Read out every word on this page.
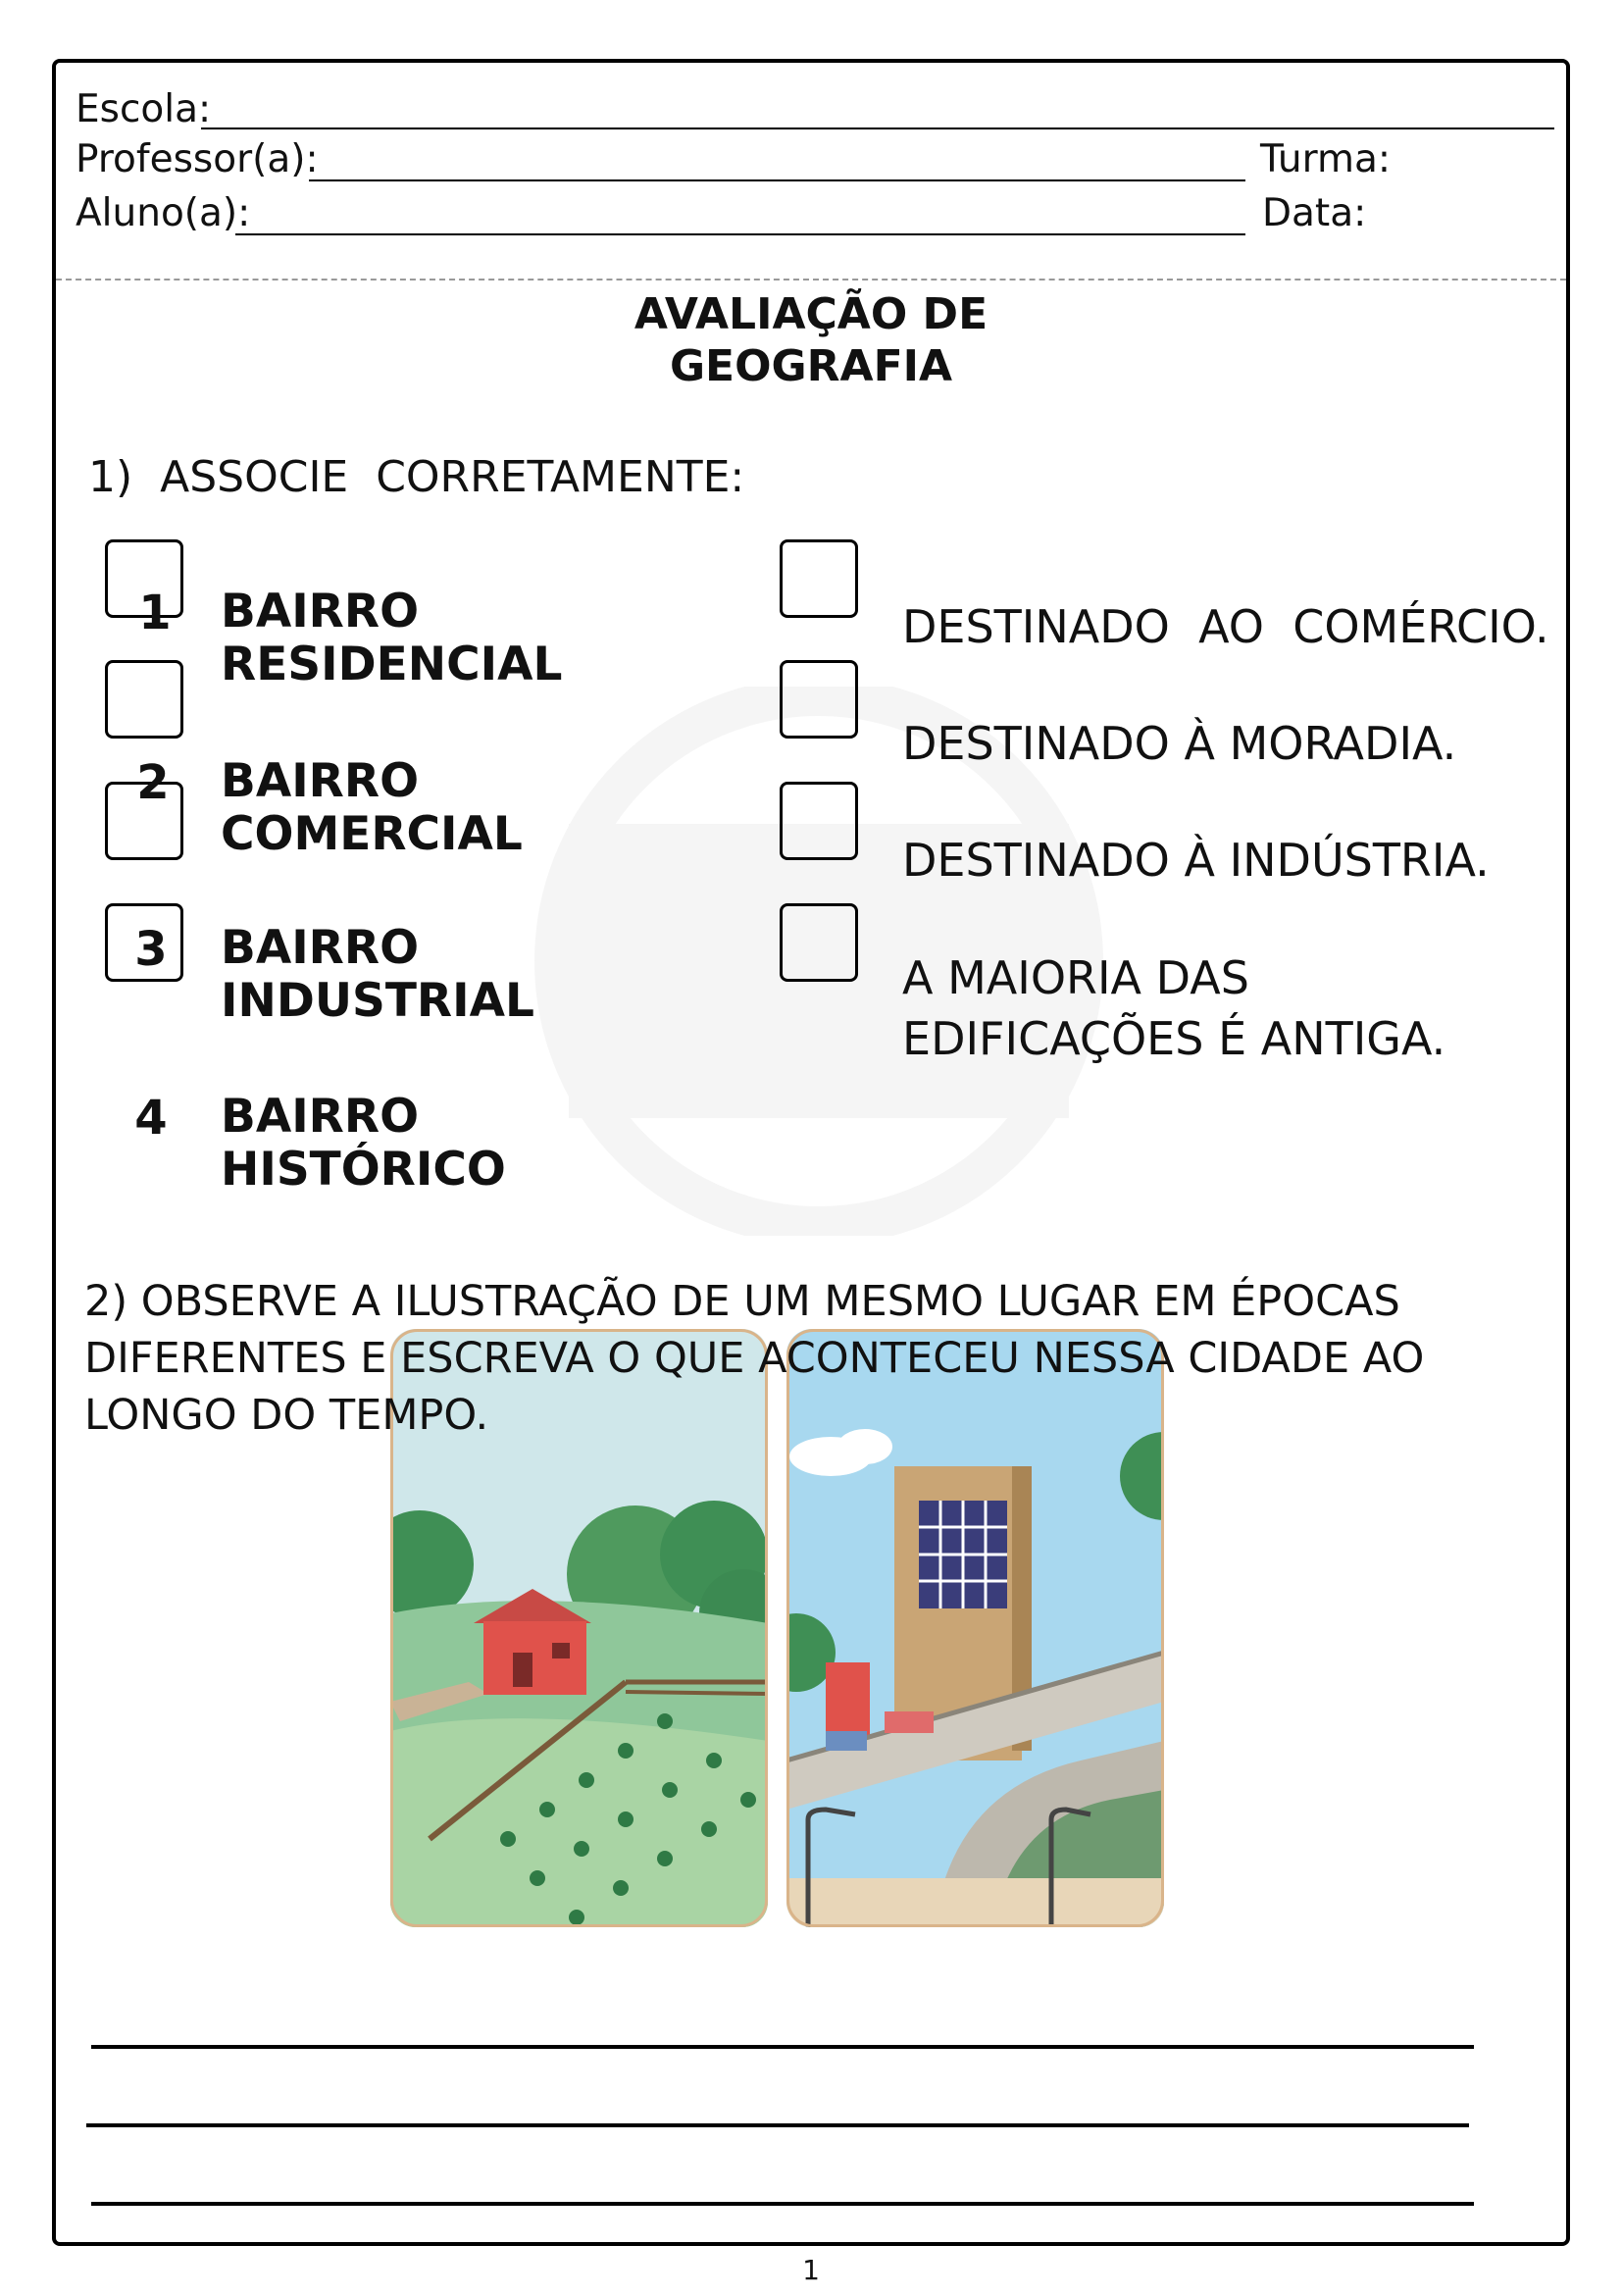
Escola:
Professor(a):	Turma:
Aluno(a):	Data:
AVALIAÇÃO DE
GEOGRAFIA
1)  ASSOCIE  CORRETAMENTE:
1
2
3
4
BAIRRO
RESIDENCIAL
BAIRRO
COMERCIAL
BAIRRO
INDUSTRIAL
BAIRRO
HISTÓRICO
DESTINADO  AO  COMÉRCIO.
DESTINADO À MORADIA.
DESTINADO À INDÚSTRIA.
A MAIORIA DAS
EDIFICAÇÕES É ANTIGA.
2) OBSERVE A ILUSTRAÇÃO DE UM MESMO LUGAR EM ÉPOCAS
DIFERENTES E ESCREVA O QUE ACONTECEU NESSA CIDADE AO
LONGO DO TEMPO.
1
